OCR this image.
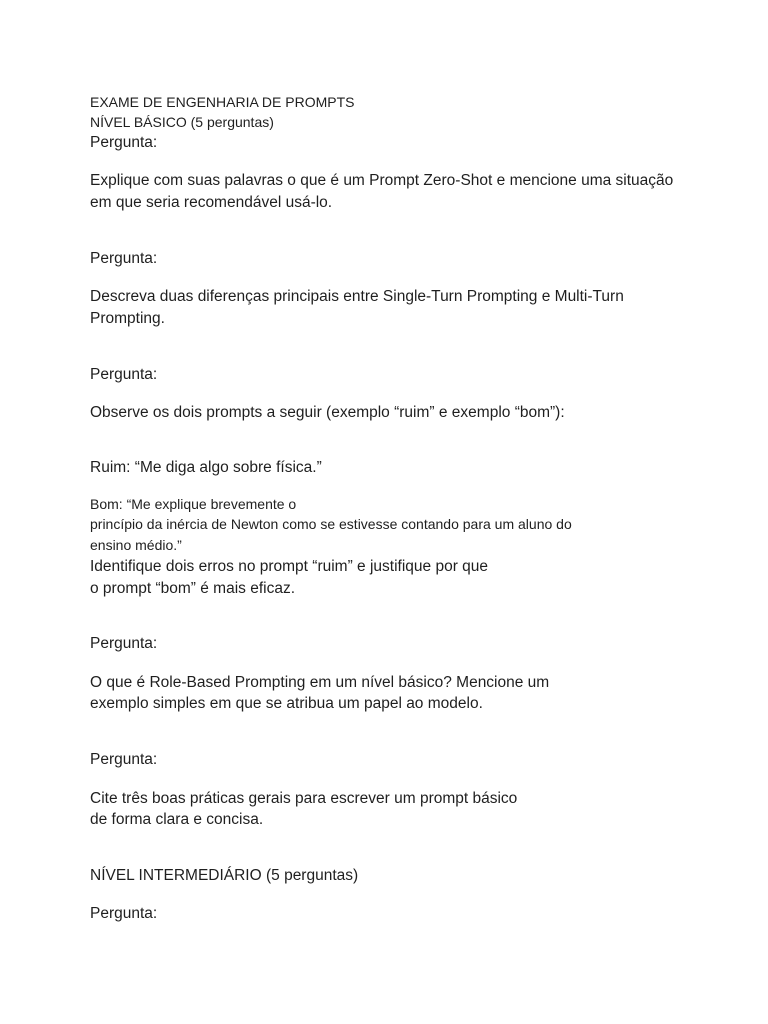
EXAME DE ENGENHARIA DE PROMPTS
NÍVEL BÁSICO (5 perguntas)
Pergunta:
Explique com suas palavras o que é um Prompt Zero-Shot e mencione uma situação
em que seria recomendável usá-lo.
Pergunta:
Descreva duas diferenças principais entre Single-Turn Prompting e Multi-Turn
Prompting.
Pergunta:
Observe os dois prompts a seguir (exemplo “ruim” e exemplo “bom”):
Ruim: “Me diga algo sobre física.”
Bom: “Me explique brevemente o
princípio da inércia de Newton como se estivesse contando para um aluno do
ensino médio.”
Identifique dois erros no prompt “ruim” e justifique por que
o prompt “bom” é mais eficaz.
Pergunta:
O que é Role-Based Prompting em um nível básico? Mencione um
exemplo simples em que se atribua um papel ao modelo.
Pergunta:
Cite três boas práticas gerais para escrever um prompt básico
de forma clara e concisa.
NÍVEL INTERMEDIÁRIO (5 perguntas)
Pergunta:
